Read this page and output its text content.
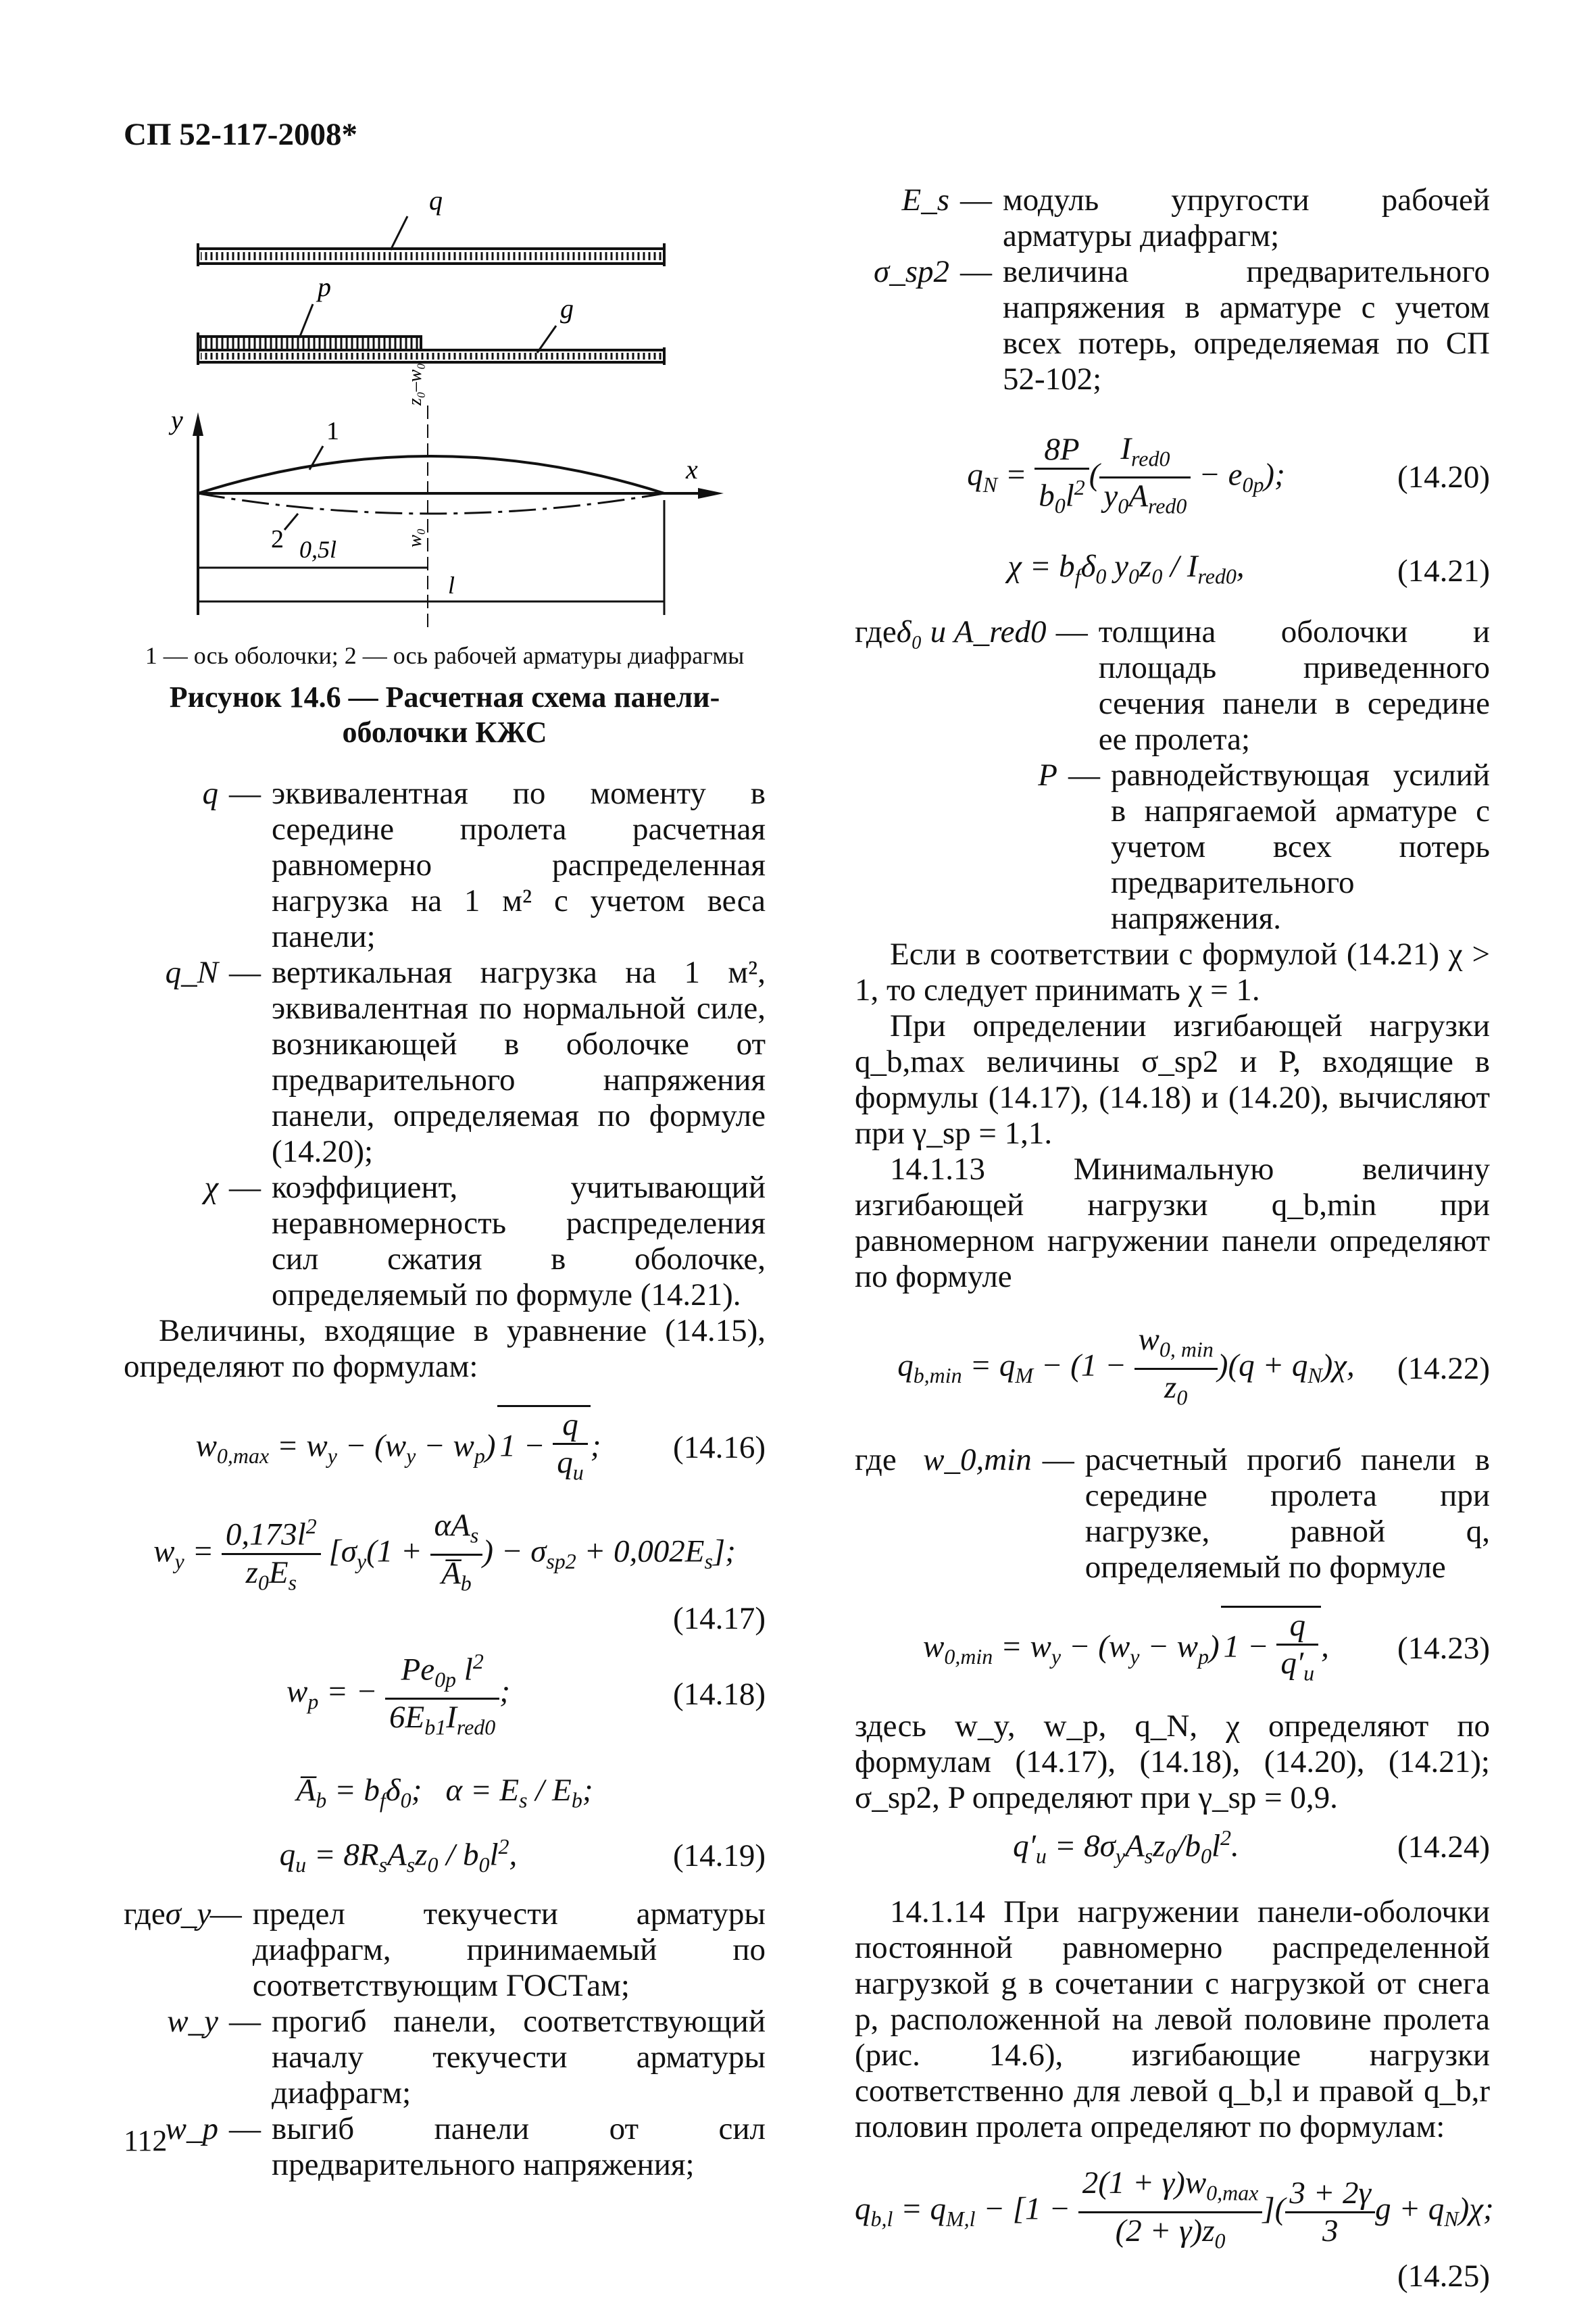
СП 52-117-2008*
q
p
g
y
x
1
2 0,5l
z₀–w₀
w₀
l
1 — ось оболочки; 2 — ось рабочей арматуры диафрагмы
Рисунок 14.6 — Расчетная схема панели-оболочки КЖС
q — эквивалентная по моменту в середине пролета расчетная равномерно распределенная нагрузка на 1 м² с учетом веса панели;
q_N — вертикальная нагрузка на 1 м², эквивалентная по нормальной силе, возникающей в оболочке от предварительного напряжения панели, определяемая по формуле (14.20);
χ — коэффициент, учитывающий неравномерность распределения сил сжатия в оболочке, определяемый по формуле (14.21).

Величины, входящие в уравнение (14.15), определяют по формулам:

$w_{0,max} = w_y - (w_y - w_p) 1 - \frac{q}{q_u}$ ;	(14.16)
$w_y = \frac{0,173l^2}{z_0E_s} [\sigma_y(1 + \frac{\alpha A_s}{A̅_b}$ ) − $\sigma_{sp2} + 0,002E_s$];

(14.17)

$w_p$ = − $\frac{Pe_{0p} l^2}{6E_{b1}I_{red0}}$ ;	(14.18)
$A̅_b = b_f\delta_0$;   $\alpha = E_s / E_b$;
$q_u = 8R_sA_sz_0 / b_0l^2$,	(14.19)
где σ_y
— предел текучести арматуры диафрагм, принимаемый по соответствующим ГОСТам;
w_y — прогиб панели, соответствующий началу текучести арматуры диафрагм;
w_p — выгиб панели от сил предварительного напряжения;
E_s — модуль упругости рабочей арматуры диафрагм;
σ_sp2 — величина предварительного напряжения в арматуре с учетом всех потерь, определяемая по СП 52-102;
$q_N = \frac{8P}{b_0l^2}$ ( $\frac{I_{red0}}{y_0A_{red0}} - e_{0p}$);	(14.20)
$\chi = b_f\delta_0$ $y_0z_0 / I_{red0}$,	(14.21)
где δ₀ и A_red0 — толщина оболочки и площадь приведенного сечения панели в середине ее пролета;
P — равнодействующая усилий в напрягаемой арматуре с учетом всех потерь предварительного напряжения.

Если в соответствии с формулой (14.21) χ > 1, то следует принимать χ = 1.

При определении изгибающей нагрузки q_b,max величины σ_sp2 и P, входящие в формулы (14.17), (14.18) и (14.20), вычисляют при γ_sp = 1,1.

14.1.13 Минимальную величину изгибающей нагрузки q_b,min при равномерном нагружении панели определяют по формуле

$q_{b,min} = q_M - (1 - \frac{w_{0, min}}{z_0} )(q + q_N)\chi$,	(14.22)
где w_0,min — расчетный прогиб панели в середине пролета при нагрузке, равной q, определяемый по формуле
$w_{0,min} = w_y - (w_y - w_p) 1 - \frac{q}{q'_u}$ ,	(14.23)

здесь w_y, w_p, q_N, χ определяют по формулам (14.17), (14.18), (14.20), (14.21); σ_sp2, P определяют при γ_sp = 0,9.

$q'_u = 8\sigma_yA_sz_0/b_0l^2$.	(14.24)

14.1.14 При нагружении панели-оболочки постоянной равномерно распределенной нагрузкой g в сочетании с нагрузкой от снега p, расположенной на левой половине пролета (рис. 14.6), изгибающие нагрузки соответственно для левой q_b,l и правой q_b,r половин пролета определяют по формулам:

$q_{b,l} = q_{M,l} - [1 - \frac{2(1 + \gamma)w_{0,max}}{(2 + \gamma)z_0}$ ]( $\frac{3 + 2\gamma}{3}$ $g + q_N)\chi$;

(14.25)

112
